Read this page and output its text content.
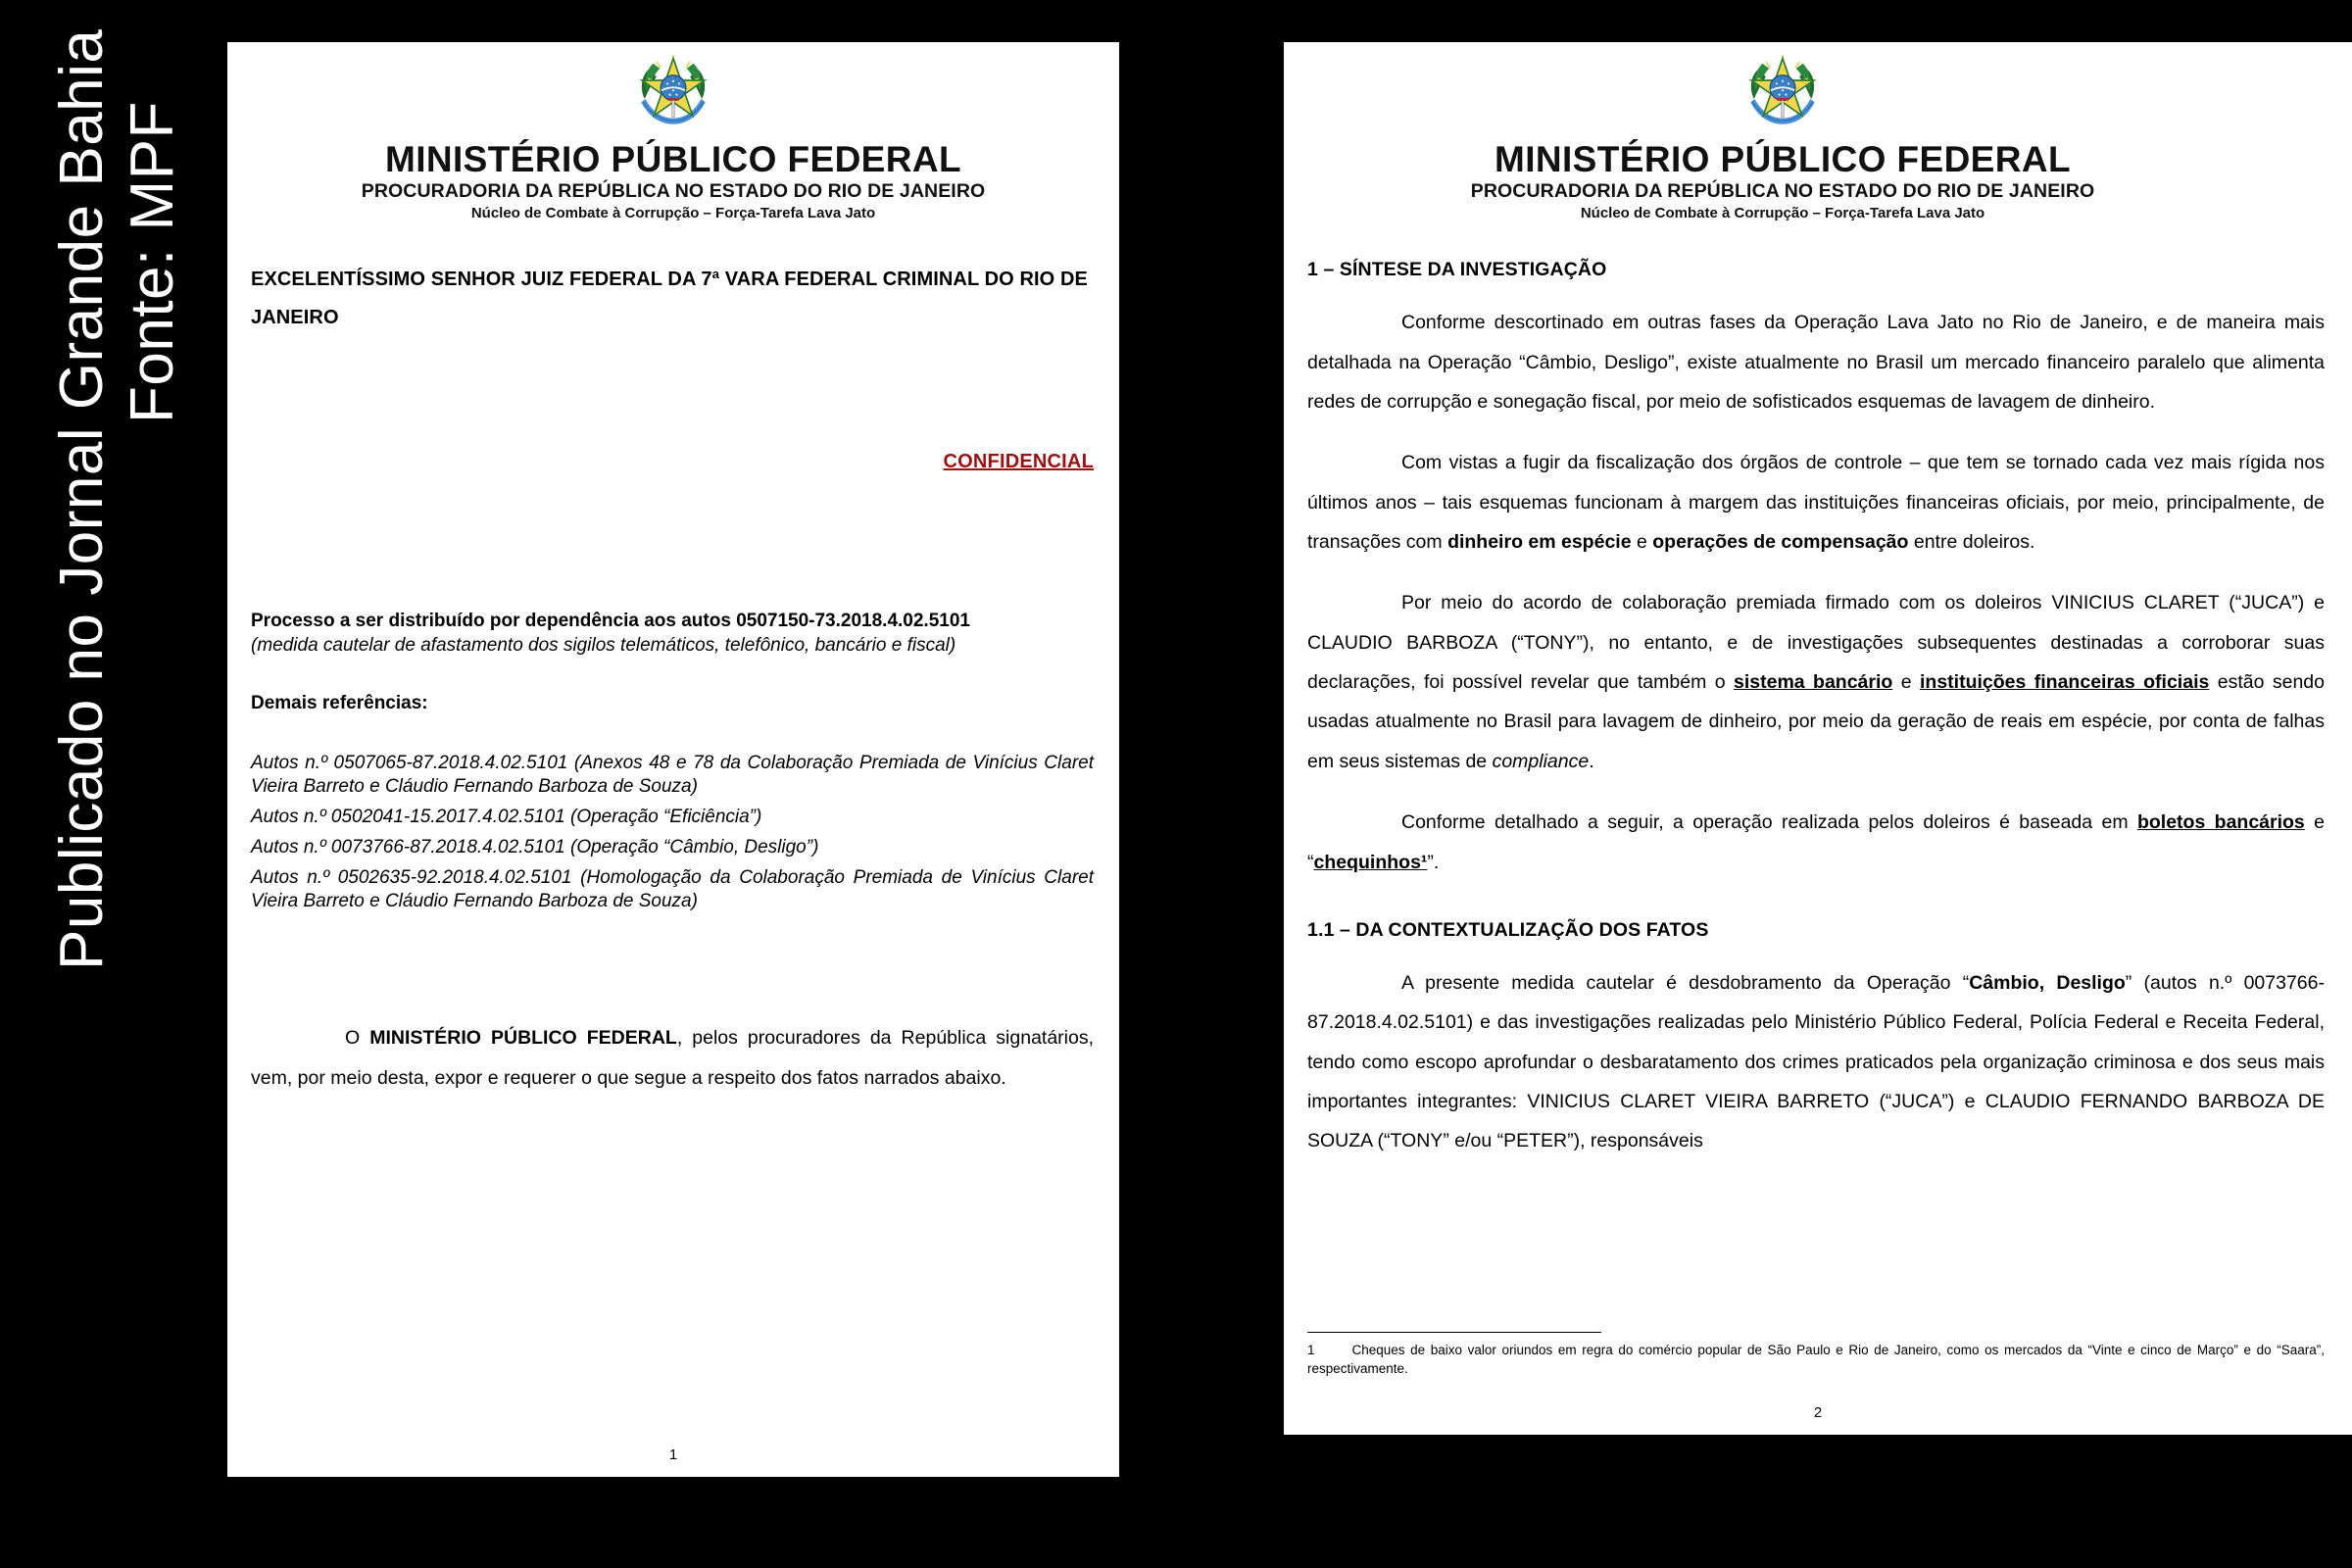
Fonte: MPF
Publicado no Jornal Grande Bahia	MINISTÉRIO PÚBLICO FEDERAL
PROCURADORIA DA REPÚBLICA NO ESTADO DO RIO DE JANEIRO
Núcleo de Combate à Corrupção – Força-Tarefa Lava Jato
EXCELENTÍSSIMO SENHOR JUIZ FEDERAL DA 7ª VARA FEDERAL CRIMINAL DO RIO DE JANEIRO
CONFIDENCIAL
Processo a ser distribuído por dependência aos autos 0507150-73.2018.4.02.5101
(medida cautelar de afastamento dos sigilos telemáticos, telefônico, bancário e fiscal)
Demais referências:
Autos n.º 0507065-87.2018.4.02.5101 (Anexos 48 e 78 da Colaboração Premiada de Vinícius Claret Vieira Barreto e Cláudio Fernando Barboza de Souza)
Autos n.º 0502041-15.2017.4.02.5101 (Operação “Eficiência”)
Autos n.º 0073766-87.2018.4.02.5101 (Operação “Câmbio, Desligo”)
Autos n.º 0502635-92.2018.4.02.5101 (Homologação da Colaboração Premiada de Vinícius Claret Vieira Barreto e Cláudio Fernando Barboza de Souza)
O MINISTÉRIO PÚBLICO FEDERAL, pelos procuradores da República signatários, vem, por meio desta, expor e requerer o que segue a respeito dos fatos narrados abaixo.
1
MINISTÉRIO PÚBLICO FEDERAL
PROCURADORIA DA REPÚBLICA NO ESTADO DO RIO DE JANEIRO
Núcleo de Combate à Corrupção – Força-Tarefa Lava Jato
1 – SÍNTESE DA INVESTIGAÇÃO
Conforme descortinado em outras fases da Operação Lava Jato no Rio de Janeiro, e de maneira mais detalhada na Operação “Câmbio, Desligo”, existe atualmente no Brasil um mercado financeiro paralelo que alimenta redes de corrupção e sonegação fiscal, por meio de sofisticados esquemas de lavagem de dinheiro.
Com vistas a fugir da fiscalização dos órgãos de controle – que tem se tornado cada vez mais rígida nos últimos anos – tais esquemas funcionam à margem das instituições financeiras oficiais, por meio, principalmente, de transações com dinheiro em espécie e operações de compensação entre doleiros.
Por meio do acordo de colaboração premiada firmado com os doleiros VINICIUS CLARET (“JUCA”) e CLAUDIO BARBOZA (“TONY”), no entanto, e de investigações subsequentes destinadas a corroborar suas declarações, foi possível revelar que também o sistema bancário e instituições financeiras oficiais estão sendo usadas atualmente no Brasil para lavagem de dinheiro, por meio da geração de reais em espécie, por conta de falhas em seus sistemas de compliance.
Conforme detalhado a seguir, a operação realizada pelos doleiros é baseada em boletos bancários e “chequinhos¹”.
1.1 – DA CONTEXTUALIZAÇÃO DOS FATOS
A presente medida cautelar é desdobramento da Operação “Câmbio, Desligo” (autos n.º 0073766-87.2018.4.02.5101) e das investigações realizadas pelo Ministério Público Federal, Polícia Federal e Receita Federal, tendo como escopo aprofundar o desbaratamento dos crimes praticados pela organização criminosa e dos seus mais importantes integrantes: VINICIUS CLARET VIEIRA BARRETO (“JUCA”) e CLAUDIO FERNANDO BARBOZA DE SOUZA (“TONY” e/ou “PETER”), responsáveis
1	Cheques de baixo valor oriundos em regra do comércio popular de São Paulo e Rio de Janeiro, como os mercados da “Vinte e cinco de Março” e do “Saara”, respectivamente.
2
